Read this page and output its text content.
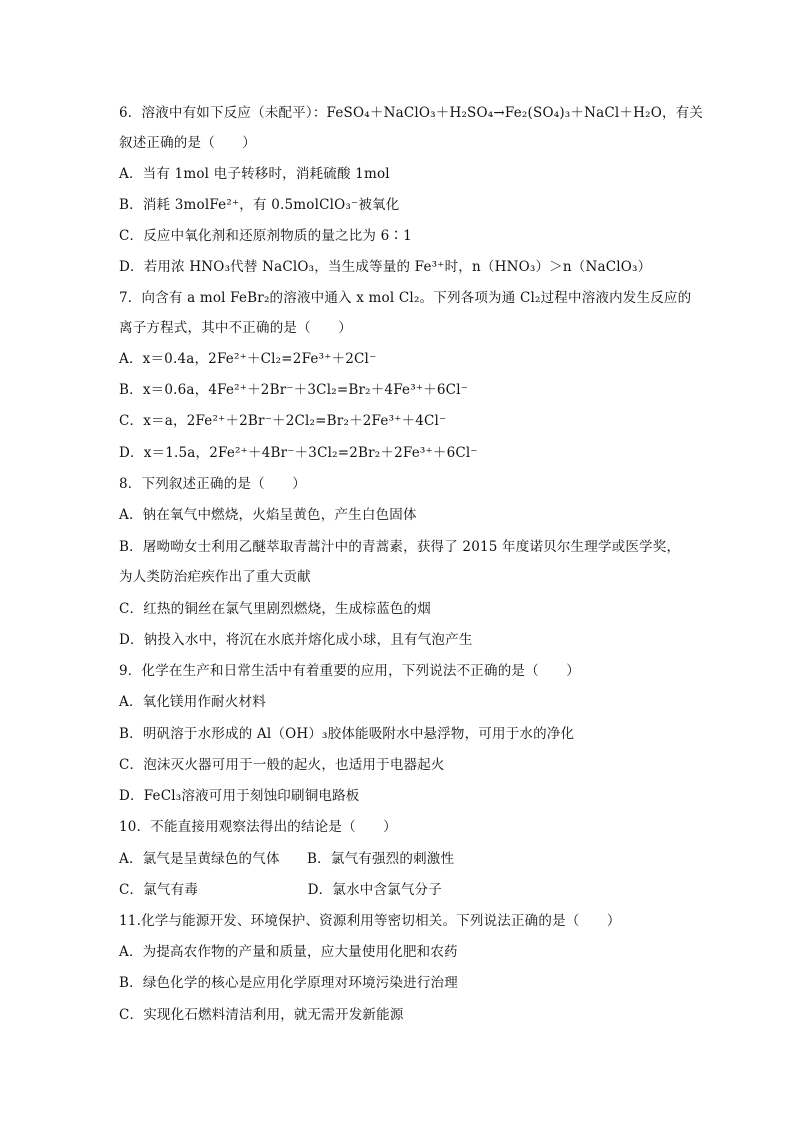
6．溶液中有如下反应（未配平）：FeSO₄＋NaClO₃＋H₂SO₄→Fe₂(SO₄)₃＋NaCl＋H₂O，有关
叙述正确的是（　　）
A．当有 1mol 电子转移时，消耗硫酸 1mol
B．消耗 3molFe²⁺，有 0.5molClO₃⁻被氧化
C．反应中氧化剂和还原剂物质的量之比为 6∶1
D．若用浓 HNO₃代替 NaClO₃，当生成等量的 Fe³⁺时，n（HNO₃）＞n（NaClO₃）
7．向含有 a mol FeBr₂的溶液中通入 x mol Cl₂。下列各项为通 Cl₂过程中溶液内发生反应的
离子方程式，其中不正确的是（　　）
A．x＝0.4a，2Fe²⁺＋Cl₂=2Fe³⁺＋2Cl⁻
B．x＝0.6a，4Fe²⁺＋2Br⁻＋3Cl₂=Br₂＋4Fe³⁺＋6Cl⁻
C．x＝a，2Fe²⁺＋2Br⁻＋2Cl₂=Br₂＋2Fe³⁺＋4Cl⁻
D．x＝1.5a，2Fe²⁺＋4Br⁻＋3Cl₂=2Br₂＋2Fe³⁺＋6Cl⁻
8．下列叙述正确的是（　　）
A．钠在氧气中燃烧，火焰呈黄色，产生白色固体
B．屠呦呦女士利用乙醚萃取青蒿汁中的青蒿素，获得了 2015 年度诺贝尔生理学或医学奖，
为人类防治疟疾作出了重大贡献
C．红热的铜丝在氯气里剧烈燃烧，生成棕蓝色的烟
D．钠投入水中，将沉在水底并熔化成小球，且有气泡产生
9．化学在生产和日常生活中有着重要的应用，下列说法不正确的是（　　）
A．氧化镁用作耐火材料
B．明矾溶于水形成的 Al（OH）₃胶体能吸附水中悬浮物，可用于水的净化
C．泡沫灭火器可用于一般的起火，也适用于电器起火
D．FeCl₃溶液可用于刻蚀印刷铜电路板
10．不能直接用观察法得出的结论是（　　）
A．氯气是呈黄绿色的气体　　B．氯气有强烈的刺激性
C．氯气有毒　　　　　　　　D．氯水中含氯气分子
11.化学与能源开发、环境保护、资源利用等密切相关。下列说法正确的是（　　）
A．为提高农作物的产量和质量，应大量使用化肥和农药
B．绿色化学的核心是应用化学原理对环境污染进行治理
C．实现化石燃料清洁利用，就无需开发新能源
